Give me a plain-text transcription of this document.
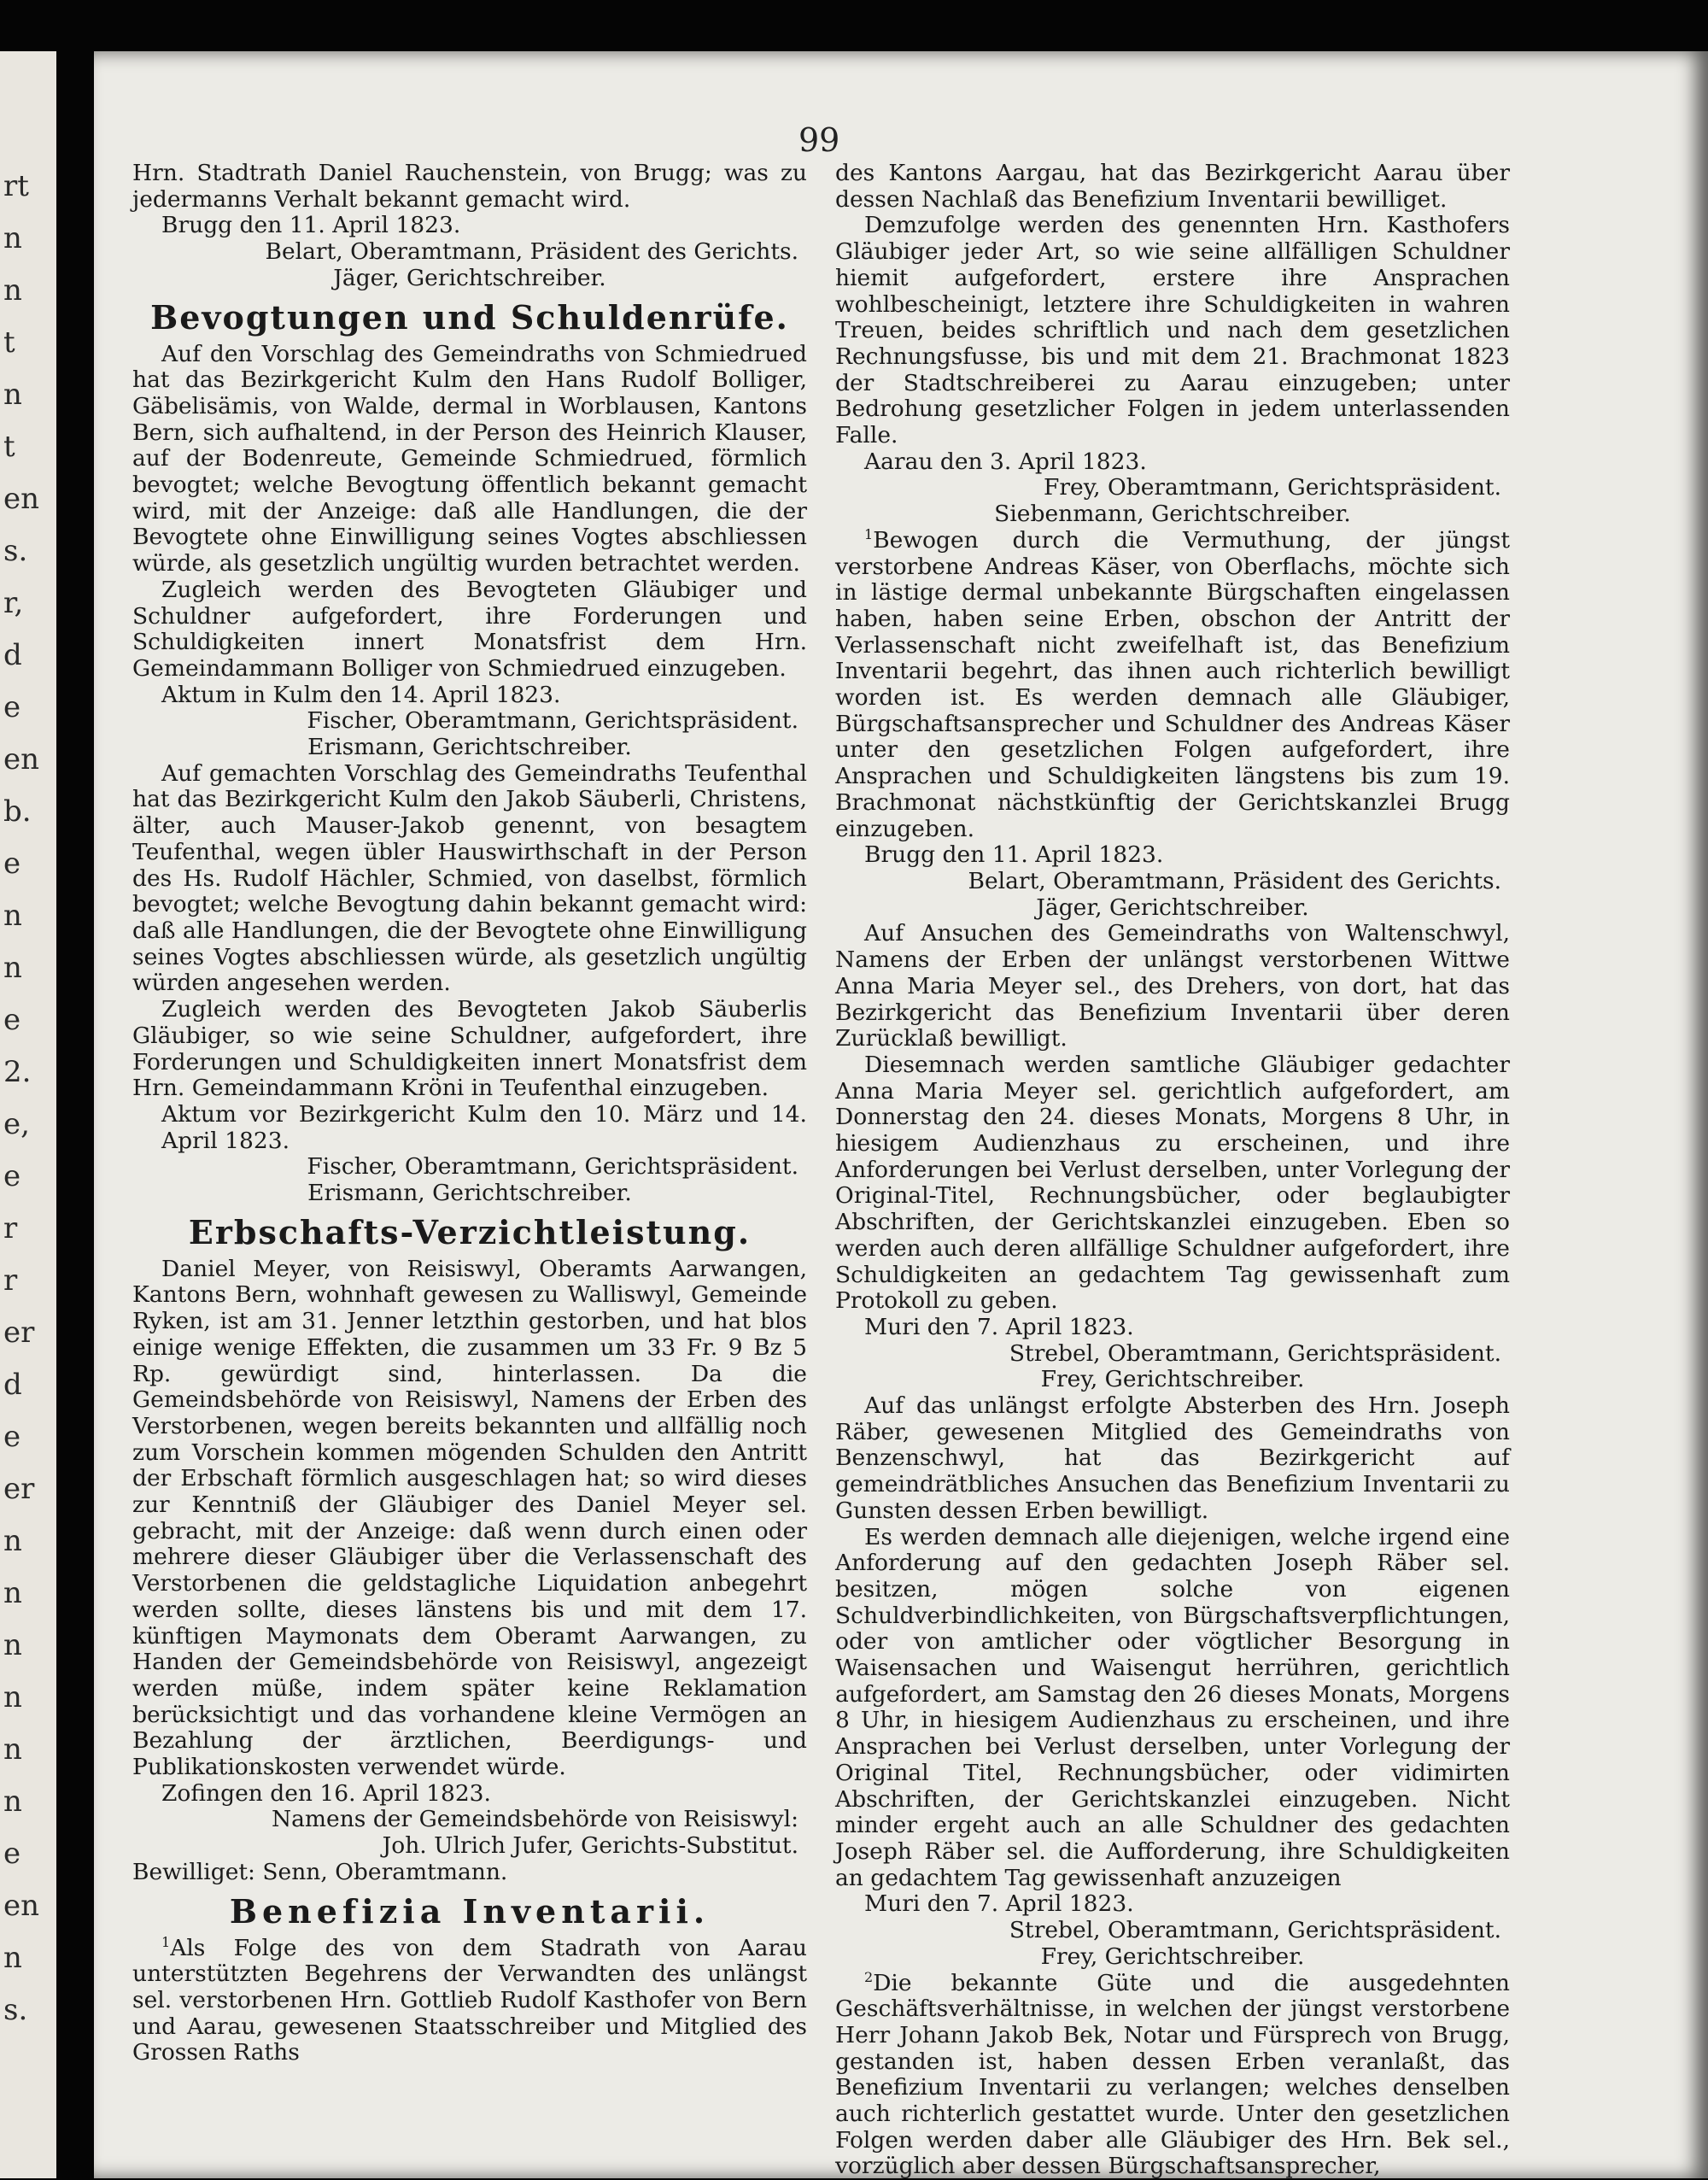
rt
n
n
t
n
t
en
s.
r,
d
e
en
b.
e
n
n
e
2.
e,
e
r
r
er
d
e
er
n
n
n
n
n
n
e
en
n
s.
99

Hrn. Stadtrath Daniel Rauchenstein, von Brugg; was zu jedermanns Verhalt bekannt gemacht wird.

Brugg den 11. April 1823.

Belart, Oberamtmann, Präsident des Gerichts.

Jäger, Gerichtschreiber.

Bevogtungen und Schuldenrüfe.

Auf den Vorschlag des Gemeindraths von Schmiedrued hat das Bezirkgericht Kulm den Hans Rudolf Bolliger, Gäbelisämis, von Walde, dermal in Worblausen, Kantons Bern, sich aufhaltend, in der Person des Heinrich Klauser, auf der Bodenreute, Gemeinde Schmiedrued, förmlich bevogtet; welche Bevogtung öffentlich bekannt gemacht wird, mit der Anzeige: daß alle Handlungen, die der Bevogtete ohne Einwilligung seines Vogtes abschliessen würde, als gesetzlich ungültig wurden betrachtet werden.

Zugleich werden des Bevogteten Gläubiger und Schuldner aufgefordert, ihre Forderungen und Schuldigkeiten innert Monatsfrist dem Hrn. Gemeindammann Bolliger von Schmiedrued einzugeben.

Aktum in Kulm den 14. April 1823.

Fischer, Oberamtmann, Gerichtspräsident.

Erismann, Gerichtschreiber.

Auf gemachten Vorschlag des Gemeindraths Teufenthal hat das Bezirkgericht Kulm den Jakob Säuberli, Christens, älter, auch Mauser-Jakob genennt, von besagtem Teufenthal, wegen übler Hauswirthschaft in der Person des Hs. Rudolf Hächler, Schmied, von daselbst, förmlich bevogtet; welche Bevogtung dahin bekannt gemacht wird: daß alle Handlungen, die der Bevogtete ohne Einwilligung seines Vogtes abschliessen würde, als gesetzlich ungültig würden angesehen werden.

Zugleich werden des Bevogteten Jakob Säuberlis Gläubiger, so wie seine Schuldner, aufgefordert, ihre Forderungen und Schuldigkeiten innert Monatsfrist dem Hrn. Gemeindammann Kröni in Teufenthal einzugeben.

Aktum vor Bezirkgericht Kulm den 10. März und 14. April 1823.

Fischer, Oberamtmann, Gerichtspräsident.

Erismann, Gerichtschreiber.

Erbschafts-Verzichtleistung.

Daniel Meyer, von Reisiswyl, Oberamts Aarwangen, Kantons Bern, wohnhaft gewesen zu Walliswyl, Gemeinde Ryken, ist am 31. Jenner letzthin gestorben, und hat blos einige wenige Effekten, die zusammen um 33 Fr. 9 Bz 5 Rp. gewürdigt sind, hinterlassen. Da die Gemeindsbehörde von Reisiswyl, Namens der Erben des Verstorbenen, wegen bereits bekannten und allfällig noch zum Vorschein kommen mögenden Schulden den Antritt der Erbschaft förmlich ausgeschlagen hat; so wird dieses zur Kenntniß der Gläubiger des Daniel Meyer sel. gebracht, mit der Anzeige: daß wenn durch einen oder mehrere dieser Gläubiger über die Verlassenschaft des Verstorbenen die geldstagliche Liquidation anbegehrt werden sollte, dieses länstens bis und mit dem 17. künftigen Maymonats dem Oberamt Aarwangen, zu Handen der Gemeindsbehörde von Reisiswyl, angezeigt werden müße, indem später keine Reklamation berücksichtigt und das vorhandene kleine Vermögen an Bezahlung der ärztlichen, Beerdigungs- und Publikationskosten verwendet würde.

Zofingen den 16. April 1823.

Namens der Gemeindsbehörde von Reisiswyl:

Joh. Ulrich Jufer, Gerichts-Substitut.

Bewilliget: Senn, Oberamtmann.

Benefizia Inventarii.

$^1$Als Folge des von dem Stadrath von Aarau unterstützten Begehrens der Verwandten des unlängst sel. verstorbenen Hrn. Gottlieb Rudolf Kasthofer von Bern und Aarau, gewesenen Staatsschreiber und Mitglied des Grossen Raths

des Kantons Aargau, hat das Bezirkgericht Aarau über dessen Nachlaß das Benefizium Inventarii bewilliget.

Demzufolge werden des genennten Hrn. Kasthofers Gläubiger jeder Art, so wie seine allfälligen Schuldner hiemit aufgefordert, erstere ihre Ansprachen wohlbescheinigt, letztere ihre Schuldigkeiten in wahren Treuen, beides schriftlich und nach dem gesetzlichen Rechnungsfusse, bis und mit dem 21. Brachmonat 1823 der Stadtschreiberei zu Aarau einzugeben; unter Bedrohung gesetzlicher Folgen in jedem unterlassenden Falle.

Aarau den 3. April 1823.

Frey, Oberamtmann, Gerichtspräsident.

Siebenmann, Gerichtschreiber.

$^1$Bewogen durch die Vermuthung, der jüngst verstorbene Andreas Käser, von Oberflachs, möchte sich in lästige dermal unbekannte Bürgschaften eingelassen haben, haben seine Erben, obschon der Antritt der Verlassenschaft nicht zweifelhaft ist, das Benefizium Inventarii begehrt, das ihnen auch richterlich bewilligt worden ist. Es werden demnach alle Gläubiger, Bürgschaftsansprecher und Schuldner des Andreas Käser unter den gesetzlichen Folgen aufgefordert, ihre Ansprachen und Schuldigkeiten längstens bis zum 19. Brachmonat nächstkünftig der Gerichtskanzlei Brugg einzugeben.

Brugg den 11. April 1823.

Belart, Oberamtmann, Präsident des Gerichts.

Jäger, Gerichtschreiber.

Auf Ansuchen des Gemeindraths von Waltenschwyl, Namens der Erben der unlängst verstorbenen Wittwe Anna Maria Meyer sel., des Drehers, von dort, hat das Bezirkgericht das Benefizium Inventarii über deren Zurücklaß bewilligt.

Diesemnach werden samtliche Gläubiger gedachter Anna Maria Meyer sel. gerichtlich aufgefordert, am Donnerstag den 24. dieses Monats, Morgens 8 Uhr, in hiesigem Audienzhaus zu erscheinen, und ihre Anforderungen bei Verlust derselben, unter Vorlegung der Original-Titel, Rechnungsbücher, oder beglaubigter Abschriften, der Gerichtskanzlei einzugeben. Eben so werden auch deren allfällige Schuldner aufgefordert, ihre Schuldigkeiten an gedachtem Tag gewissenhaft zum Protokoll zu geben.

Muri den 7. April 1823.

Strebel, Oberamtmann, Gerichtspräsident.

Frey, Gerichtschreiber.

Auf das unlängst erfolgte Absterben des Hrn. Joseph Räber, gewesenen Mitglied des Gemeindraths von Benzenschwyl, hat das Bezirkgericht auf gemeindrätbliches Ansuchen das Benefizium Inventarii zu Gunsten dessen Erben bewilligt.

Es werden demnach alle diejenigen, welche irgend eine Anforderung auf den gedachten Joseph Räber sel. besitzen, mögen solche von eigenen Schuldverbindlichkeiten, von Bürgschaftsverpflichtungen, oder von amtlicher oder vögtlicher Besorgung in Waisensachen und Waisengut herrühren, gerichtlich aufgefordert, am Samstag den 26 dieses Monats, Morgens 8 Uhr, in hiesigem Audienzhaus zu erscheinen, und ihre Ansprachen bei Verlust derselben, unter Vorlegung der Original Titel, Rechnungsbücher, oder vidimirten Abschriften, der Gerichtskanzlei einzugeben. Nicht minder ergeht auch an alle Schuldner des gedachten Joseph Räber sel. die Aufforderung, ihre Schuldigkeiten an gedachtem Tag gewissenhaft anzuzeigen

Muri den 7. April 1823.

Strebel, Oberamtmann, Gerichtspräsident.

Frey, Gerichtschreiber.

$^2$Die bekannte Güte und die ausgedehnten Geschäftsverhältnisse, in welchen der jüngst verstorbene Herr Johann Jakob Bek, Notar und Fürsprech von Brugg, gestanden ist, haben dessen Erben veranlaßt, das Benefizium Inventarii zu verlangen; welches denselben auch richterlich gestattet wurde. Unter den gesetzlichen Folgen werden daber alle Gläubiger des Hrn. Bek sel., vorzüglich aber dessen Bürgschaftsansprecher,
